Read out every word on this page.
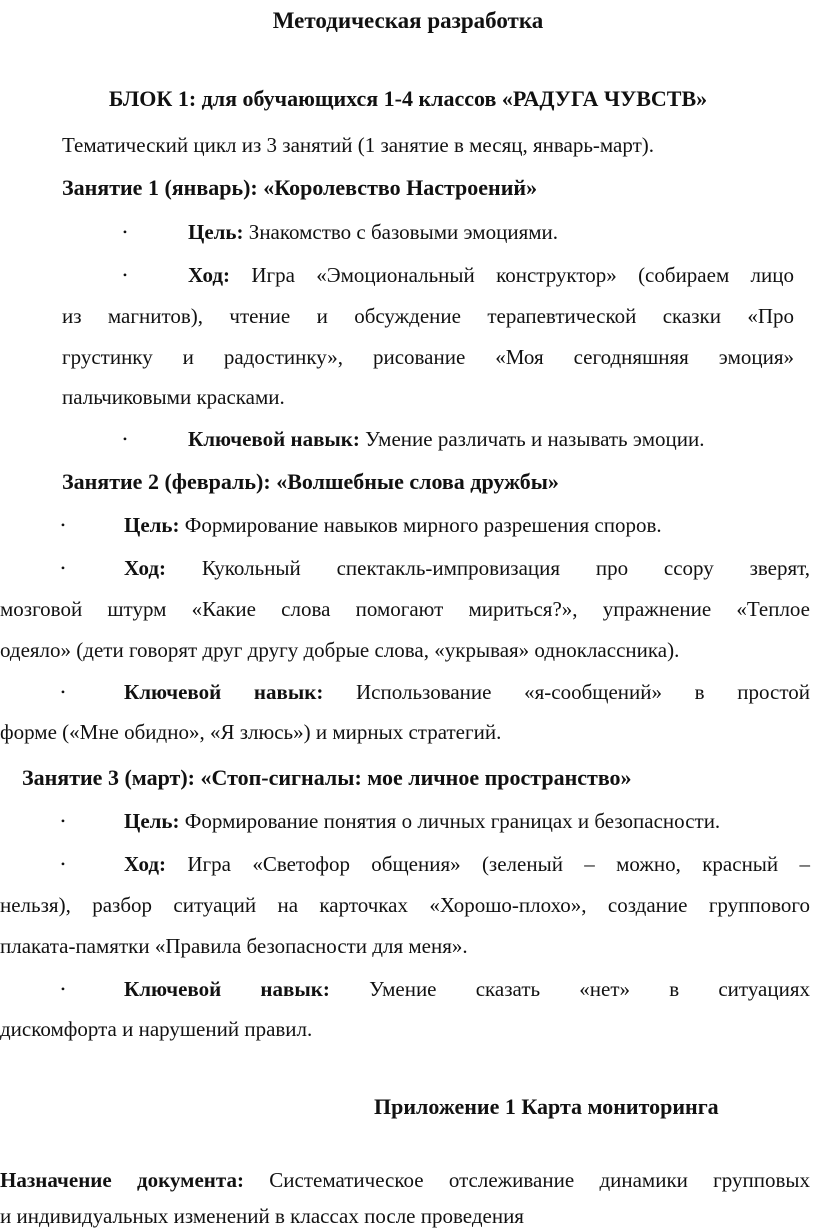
Методическая разработка
БЛОК 1: для обучающихся 1-4 классов «РАДУГА ЧУВСТВ»
Тематический цикл из 3 занятий (1 занятие в месяц, январь-март).
Занятие 1 (январь): «Королевство Настроений»
•	Цель: Знакомство с базовыми эмоциями.
•	Ход: Игра «Эмоциональный конструктор» (собираем лицо
из магнитов), чтение и обсуждение терапевтической сказки «Про
грустинку и радостинку», рисование «Моя сегодняшняя эмоция»
пальчиковыми красками.
•	Ключевой навык: Умение различать и называть эмоции.
Занятие 2 (февраль): «Волшебные слова дружбы»
•	Цель: Формирование навыков мирного разрешения споров.
•	Ход: Кукольный спектакль-импровизация про ссору зверят,
мозговой штурм «Какие слова помогают мириться?», упражнение «Теплое
одеяло» (дети говорят друг другу добрые слова, «укрывая» одноклассника).
•	Ключевой навык: Использование «я-сообщений» в простой
форме («Мне обидно», «Я злюсь») и мирных стратегий.
Занятие 3 (март): «Стоп-сигналы: мое личное пространство»
•	Цель: Формирование понятия о личных границах и безопасности.
•	Ход: Игра «Светофор общения» (зеленый – можно, красный –
нельзя), разбор ситуаций на карточках «Хорошо-плохо», создание группового
плаката-памятки «Правила безопасности для меня».
•	Ключевой навык: Умение сказать «нет» в ситуациях
дискомфорта и нарушений правил.
Приложение 1 Карта мониторинга
Назначение документа: Систематическое отслеживание динамики групповых
и индивидуальных изменений в классах после проведения
